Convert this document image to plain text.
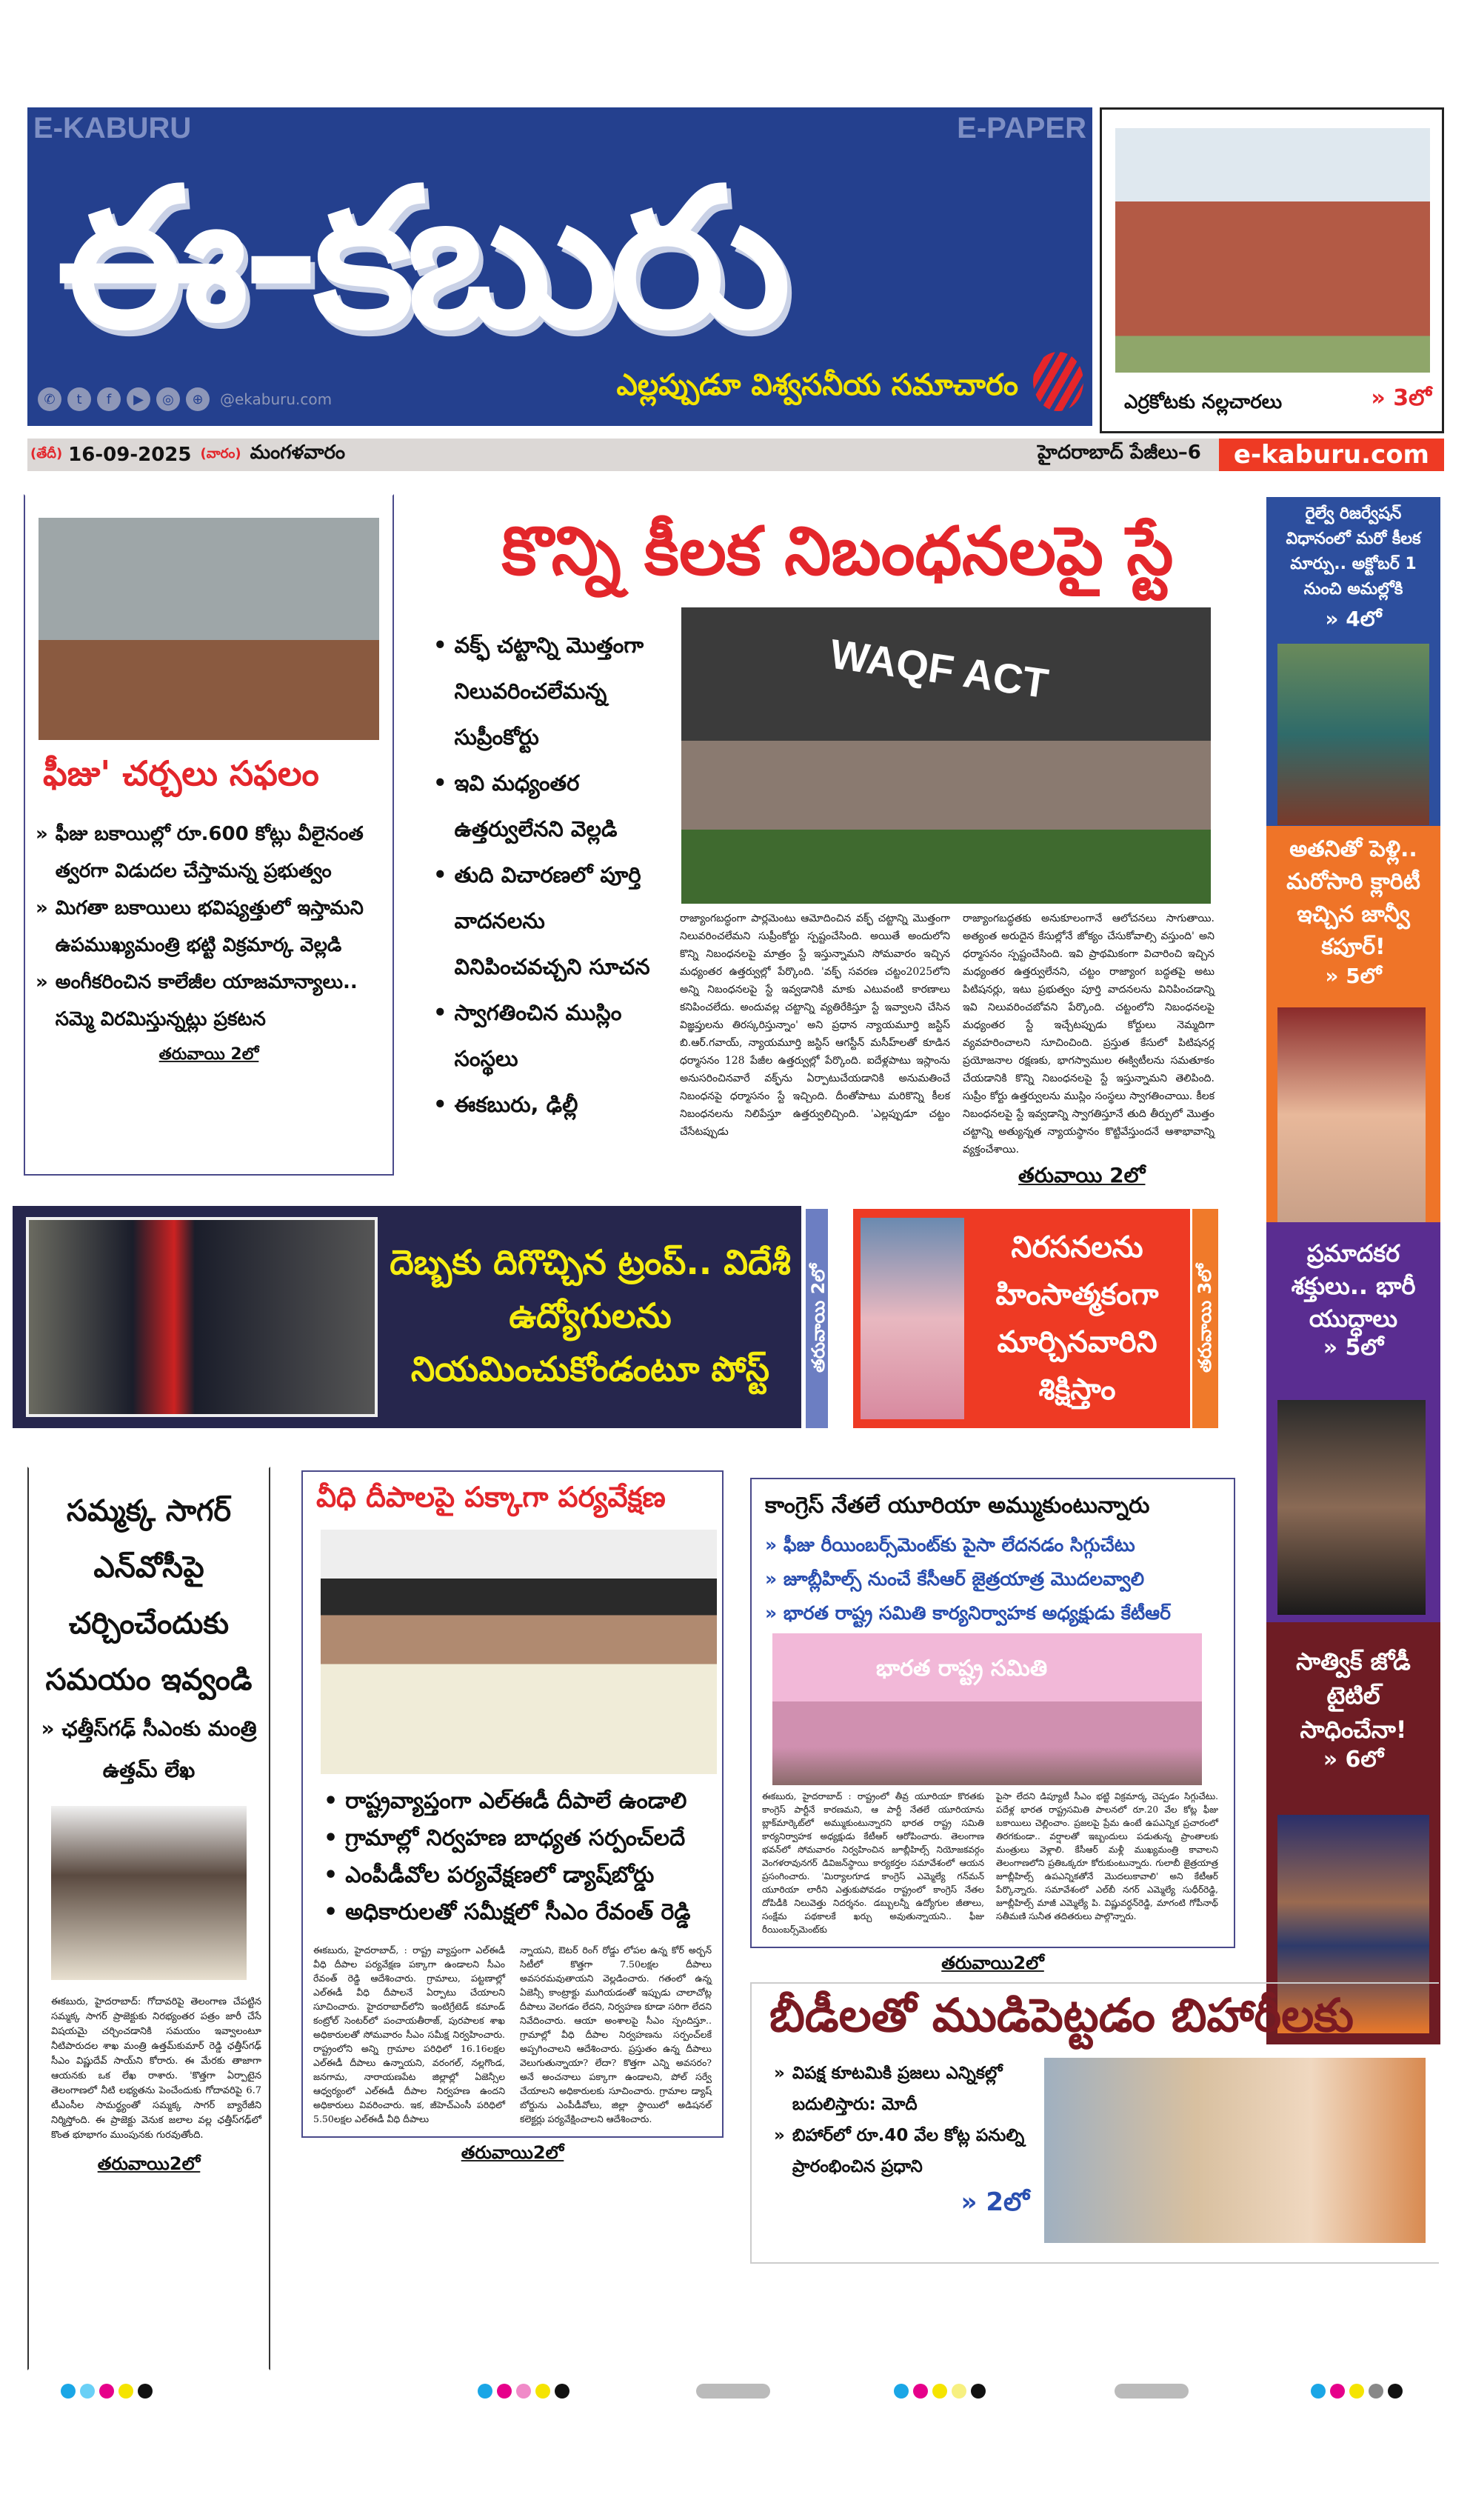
E-KABURU	E-PAPER
ఈ-కబురు
✆	t	f	▶	◎	⊕	@ekaburu.com	ఎల్లప్పుడూ విశ్వసనీయ సమాచారం	ఎర్రకోటకు నల్లచారలు	» 3లో
(తేదీ) 16-09-2025 (వారం) మంగళవారం	హైదరాబాద్ పేజీలు–6	e-kaburu.com
ఫీజు' చర్చలు సఫలం
» ఫీజు బకాయిల్లో రూ.600 కోట్లు వీలైనంత త్వరగా విడుదల చేస్తామన్న ప్రభుత్వం
» మిగతా బకాయిలు భవిష్యత్తులో ఇస్తామని ఉపముఖ్యమంత్రి భట్టి విక్రమార్క వెల్లడి
» అంగీకరించిన కాలేజీల యాజమాన్యాలు.. సమ్మె విరమిస్తున్నట్లు ప్రకటన
తరువాయి 2లో
కొన్ని కీలక నిబంధనలపై స్టే
• వక్ఫ్ చట్టాన్ని మొత్తంగా నిలువరించలేమన్న సుప్రీంకోర్టు
• ఇవి మధ్యంతర ఉత్తర్వులేనని వెల్లడి
• తుది విచారణలో పూర్తి వాదనలను వినిపించవచ్చని సూచన
• స్వాగతించిన ముస్లిం సంస్థలు
• ఈకబురు, ఢిల్లీ
WAQF ACT
రాజ్యాంగబద్ధంగా పార్లమెంటు ఆమోదించిన వక్ఫ్ చట్టాన్ని మొత్తంగా నిలువరించలేమని సుప్రీంకోర్టు స్పష్టంచేసింది. అయితే అందులోని కొన్ని నిబంధనలపై మాత్రం స్టే ఇస్తున్నామని సోమవారం ఇచ్చిన మధ్యంతర ఉత్తర్వుల్లో పేర్కొంది. 'వక్ఫ్ సవరణ చట్టం2025లోని అన్ని నిబంధనలపై స్టే ఇవ్వడానికి మాకు ఎటువంటి కారణాలు కనిపించలేదు. అందువల్ల చట్టాన్ని వ్యతిరేకిస్తూ స్టే ఇవ్వాలని చేసిన విజ్ఞప్తులను తిరస్కరిస్తున్నాం' అని ప్రధాన న్యాయమూర్తి జస్టిస్ బి.ఆర్.గవాయ్, న్యాయమూర్తి జస్టిస్ ఆగస్టీన్ మసీహ్‌లతో కూడిన ధర్మాసనం 128 పేజీల ఉత్తర్వుల్లో పేర్కొంది. ఐదేళ్లపాటు ఇస్లాంను అనుసరించినవారే వక్ఫ్‌ను ఏర్పాటుచేయడానికి అనుమతించే నిబంధనపై ధర్మాసనం స్టే ఇచ్చింది. దీంతోపాటు మరికొన్ని కీలక నిబంధనలను నిలిపేస్తూ ఉత్తర్వులిచ్చింది. 'ఎల్లప్పుడూ చట్టం చేసేటప్పుడు
రాజ్యాంగబద్ధతకు అనుకూలంగానే ఆలోచనలు సాగుతాయి. అత్యంత అరుదైన కేసుల్లోనే జోక్యం చేసుకోవాల్సి వస్తుంది' అని ధర్మాసనం స్పష్టంచేసింది. ఇవి ప్రాథమికంగా విచారించి ఇచ్చిన మధ్యంతర ఉత్తర్వులేనని, చట్టం రాజ్యాంగ బద్ధతపై అటు పిటిషనర్లు, ఇటు ప్రభుత్వం పూర్తి వాదనలను వినిపించడాన్ని ఇవి నిలువరించబోవని పేర్కొంది. చట్టంలోని నిబంధనలపై మధ్యంతర స్టే ఇచ్చేటప్పుడు కోర్టులు నెమ్మదిగా వ్యవహరించాలని సూచించింది. ప్రస్తుత కేసులో పిటిషనర్ల ప్రయోజనాల రక్షణకు, భాగస్వాముల ఈక్విటీలను సమతూకం చేయడానికి కొన్ని నిబంధనలపై స్టే ఇస్తున్నామని తెలిపింది. సుప్రీం కోర్టు ఉత్తర్వులను ముస్లిం సంస్థలు స్వాగతించాయి. కీలక నిబంధనలపై స్టే ఇవ్వడాన్ని స్వాగతిస్తూనే తుది తీర్పులో మొత్తం చట్టాన్ని అత్యున్నత న్యాయస్థానం కొట్టివేస్తుందనే ఆశాభావాన్ని వ్యక్తంచేశాయి.
తరువాయి 2లో
రైల్వే రిజర్వేషన్ విధానంలో మరో కీలక మార్పు.. అక్టోబర్ 1 నుంచి అమల్లోకి
» 4లో
అతనితో పెళ్లి.. మరోసారి క్లారిటీ ఇచ్చిన జాన్వీ కపూర్!
» 5లో
ప్రమాదకర శక్తులు.. భారీ యుద్ధాలు
» 5లో
సాత్విక్ జోడీ టైటిల్ సాధించేనా!
» 6లో
దెబ్బకు దిగొచ్చిన ట్రంప్.. విదేశీ ఉద్యోగులను నియమించుకోండంటూ పోస్ట్	తరువాయి 2లో
నిరసనలను హింసాత్మకంగా మార్చినవారిని శిక్షిస్తాం
తరువాయి 3లో
సమ్మక్క సాగర్ ఎన్‌వోసీపై చర్చించేందుకు సమయం ఇవ్వండి
» ఛత్తీస్‌గఢ్ సీఎంకు మంత్రి ఉత్తమ్ లేఖ
ఈకబురు, హైదరాబాద్: గోదావరిపై తెలంగాణ చేపట్టిన సమ్మక్క సాగర్ ప్రాజెక్టుకు నిరభ్యంతర పత్రం జారీ చేసే విషయమై చర్చించడానికి సమయం ఇవ్వాలంటూ నీటిపారుదల శాఖ మంత్రి ఉత్తమ్‌కుమార్ రెడ్డి ఛత్తీస్‌గఢ్ సీఎం విష్ణుదేవ్ సాయ్‌ని కోరారు. ఈ మేరకు తాజాగా ఆయనకు ఒక లేఖ రాశారు. 'కొత్తగా ఏర్పాటైన తెలంగాణలో నీటి లభ్యతను పెంచేందుకు గోదావరిపై 6.7 టీఎంసీల సామర్థ్యంతో సమ్మక్క సాగర్ బ్యారేజీని నిర్మిస్తోంది. ఈ ప్రాజెక్టు వెనుక జలాల వల్ల ఛత్తీస్‌గఢ్‌లో కొంత భూభాగం ముంపునకు గురవుతోంది.
తరువాయి2లో
వీధి దీపాలపై పక్కాగా పర్యవేక్షణ
• రాష్ట్రవ్యాప్తంగా ఎల్ఈడీ దీపాలే ఉండాలి
• గ్రామాల్లో నిర్వహణ బాధ్యత సర్పంచ్‌లదే
• ఎంపీడీవోల పర్యవేక్షణలో డ్యాష్‌బోర్డు
• అధికారులతో సమీక్షలో సీఎం రేవంత్ రెడ్డి
ఈకబురు, హైదరాబాద్, : రాష్ట్ర వ్యాప్తంగా ఎల్ఈడీ వీధి దీపాల పర్యవేక్షణ పక్కాగా ఉండాలని సీఎం రేవంత్ రెడ్డి ఆదేశించారు. గ్రామాలు, పట్టణాల్లో ఎల్ఈడీ వీధి దీపాలనే ఏర్పాటు చేయాలని సూచించారు. హైదరాబాద్‌లోని ఇంటిగ్రేటెడ్ కమాండ్ కంట్రోల్ సెంటర్‌లో పంచాయతీరాజ్, పురపాలక శాఖ అధికారులతో సోమవారం సీఎం సమీక్ష నిర్వహించారు. రాష్ట్రంలోని అన్ని గ్రామాల పరిధిలో 16.16లక్షల ఎల్ఈడీ దీపాలు ఉన్నాయని, వరంగల్, నల్లగొండ, జనగామ, నారాయణపేట జిల్లాల్లో ఏజెన్సీల ఆధ్వర్యంలో ఎల్ఈడీ దీపాల నిర్వహణ ఉందని అధికారులు వివరించారు. ఇక, జీహెచ్ఎంసీ పరిధిలో 5.50లక్షల ఎల్ఈడీ వీధి దీపాలు
న్నాయని, ఔటర్ రింగ్ రోడ్డు లోపల ఉన్న కోర్ అర్బన్ సిటీలో కొత్తగా 7.50లక్షల దీపాలు అవసరమవుతాయని వెల్లడించారు. గతంలో ఉన్న ఏజెన్సీ కాంట్రాక్టు ముగియడంతో ఇప్పుడు చాలాచోట్ల దీపాలు వెలగడం లేదని, నిర్వహణ కూడా సరిగా లేదని నివేదించారు. ఆయా అంశాలపై సీఎం స్పందిస్తూ.. గ్రామాల్లో వీధి దీపాల నిర్వహణను సర్పంచ్‌లకే అప్పగించాలని ఆదేశించారు. ప్రస్తుతం ఉన్న దీపాలు వెలుగుతున్నాయా? లేదా? కొత్తగా ఎన్ని అవసరం? అనే అంచనాలు పక్కాగా ఉండాలని, పోల్ సర్వే చేయాలని అధికారులకు సూచించారు. గ్రామాల డ్యాష్ బోర్డును ఎంపీడీవోలు, జిల్లా స్థాయిలో అడిషనల్ కలెక్టర్లు పర్యవేక్షించాలని ఆదేశించారు.
తరువాయి2లో
కాంగ్రెస్ నేతలే యూరియా అమ్ముకుంటున్నారు
» ఫీజు రీయింబర్స్‌మెంట్‌కు పైసా లేదనడం సిగ్గుచేటు
» జూబ్లీహిల్స్ నుంచే కేసీఆర్ జైత్రయాత్ర మొదలవ్వాలి
» భారత రాష్ట్ర సమితి కార్యనిర్వాహక అధ్యక్షుడు కేటీఆర్
భారత రాష్ట్ర సమితి
ఈకబురు, హైదరాబాద్ : రాష్ట్రంలో తీవ్ర యూరియా కొరతకు కాంగ్రెస్ పార్టీనే కారణమని, ఆ పార్టీ నేతలే యూరియాను బ్లాక్‌మార్కెట్‌లో అమ్ముకుంటున్నారని భారత రాష్ట్ర సమితి కార్యనిర్వాహక అధ్యక్షుడు కేటీఆర్ ఆరోపించారు. తెలంగాణ భవన్‌లో సోమవారం నిర్వహించిన జూబ్లీహిల్స్ నియోజకవర్గం వెంగళరావునగర్ డివిజన్‌స్థాయి కార్యకర్తల సమావేశంలో ఆయన ప్రసంగించారు. 'మిర్యాలగూడ కాంగ్రెస్ ఎమ్మెల్యే గన్‌మన్ యూరియా లారీని ఎత్తుకుపోవడం రాష్ట్రంలో కాంగ్రెస్ నేతల దోపిడీకి నిలువెత్తు నిదర్శనం. డబ్బులన్నీ ఉద్యోగుల జీతాలు, సంక్షేమ పథకాలకే ఖర్చు అవుతున్నాయని.. ఫీజు రీయింబర్స్‌మెంట్‌కు
పైసా లేదని డిప్యూటీ సీఎం భట్టి విక్రమార్క చెప్పడం సిగ్గుచేటు. పదేళ్ల భారత రాష్ట్రసమితి పాలనలో రూ.20 వేల కోట్ల ఫీజు బకాయిలు చెల్లించాం. ప్రజలపై ప్రేమ ఉంటే ఉపఎన్నిక ప్రచారంలో తిరగకుండా.. వర్షాలతో ఇబ్బందులు పడుతున్న ప్రాంతాలకు మంత్రులు వెళ్లాలి. కేసీఆర్ మళ్లీ ముఖ్యమంత్రి కావాలని తెలంగాణలోని ప్రతిఒక్కరూ కోరుకుంటున్నారు. గులాబీ జైత్రయాత్ర జూబ్లీహిల్స్ ఉపఎన్నికతోనే మొదలుకావాలి' అని కేటీఆర్ పేర్కొన్నారు. సమావేశంలో ఎల్‌బీ నగర్ ఎమ్మెల్యే సుధీర్‌రెడ్డి, జూబ్లీహిల్స్ మాజీ ఎమ్మెల్యే పి. విష్ణువర్ధన్‌రెడ్డి, మాగంటి గోపీనాథ్ సతీమణి సునీత తదితరులు పాల్గొన్నారు.
తరువాయి2లో
బీడీలతో ముడిపెట్టడం బిహారీలకు
» విపక్ష కూటమికి ప్రజలు ఎన్నికల్లో బదులిస్తారు: మోదీ
» బిహార్‌లో రూ.40 వేల కోట్ల పనుల్ని ప్రారంభించిన ప్రధాని
» 2లో
